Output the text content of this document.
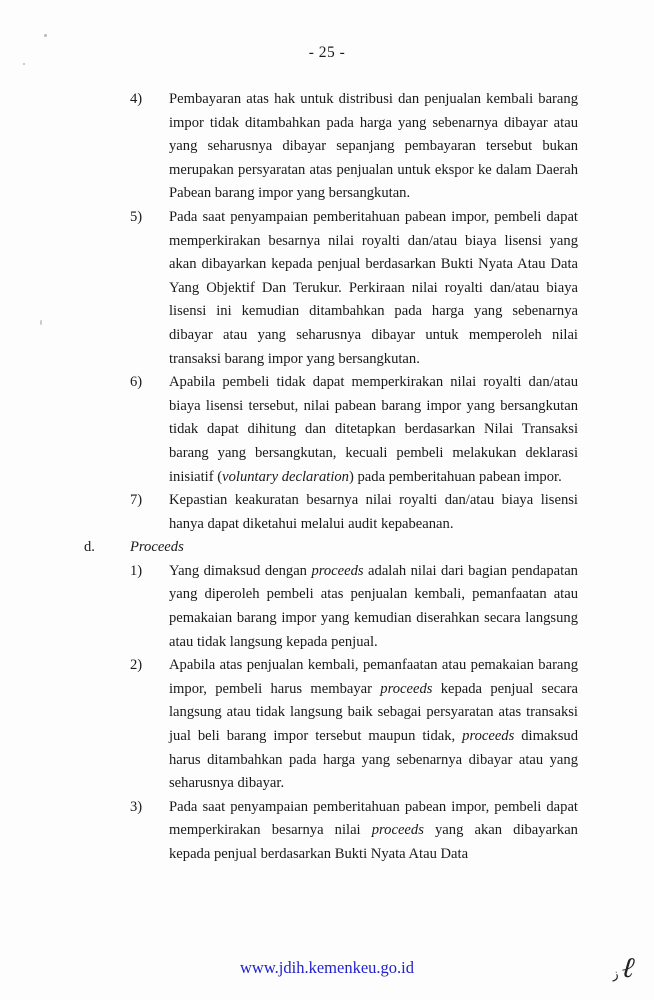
- 25 -
4)	Pembayaran atas hak untuk distribusi dan penjualan kembali barang impor tidak ditambahkan pada harga yang sebenarnya dibayar atau yang seharusnya dibayar sepanjang pembayaran tersebut bukan merupakan persyaratan atas penjualan untuk ekspor ke dalam Daerah Pabean barang impor yang bersangkutan.
5)	Pada saat penyampaian pemberitahuan pabean impor, pembeli dapat memperkirakan besarnya nilai royalti dan/atau biaya lisensi yang akan dibayarkan kepada penjual berdasarkan Bukti Nyata Atau Data Yang Objektif Dan Terukur. Perkiraan nilai royalti dan/atau biaya lisensi ini kemudian ditambahkan pada harga yang sebenarnya dibayar atau yang seharusnya dibayar untuk memperoleh nilai transaksi barang impor yang bersangkutan.
6)	Apabila pembeli tidak dapat memperkirakan nilai royalti dan/atau biaya lisensi tersebut, nilai pabean barang impor yang bersangkutan tidak dapat dihitung dan ditetapkan berdasarkan Nilai Transaksi barang yang bersangkutan, kecuali pembeli melakukan deklarasi inisiatif (voluntary declaration) pada pemberitahuan pabean impor.
7)	Kepastian keakuratan besarnya nilai royalti dan/atau biaya lisensi hanya dapat diketahui melalui audit kepabeanan.
d.	Proceeds
1)	Yang dimaksud dengan proceeds adalah nilai dari bagian pendapatan yang diperoleh pembeli atas penjualan kembali, pemanfaatan atau pemakaian barang impor yang kemudian diserahkan secara langsung atau tidak langsung kepada penjual.
2)	Apabila atas penjualan kembali, pemanfaatan atau pemakaian barang impor, pembeli harus membayar proceeds kepada penjual secara langsung atau tidak langsung baik sebagai persyaratan atas transaksi jual beli barang impor tersebut maupun tidak, proceeds dimaksud harus ditambahkan pada harga yang sebenarnya dibayar atau yang seharusnya dibayar.
3)	Pada saat penyampaian pemberitahuan pabean impor, pembeli dapat memperkirakan besarnya nilai proceeds yang akan dibayarkan kepada penjual berdasarkan Bukti Nyata Atau Data
www.jdih.kemenkeu.go.id	ز ℓ
